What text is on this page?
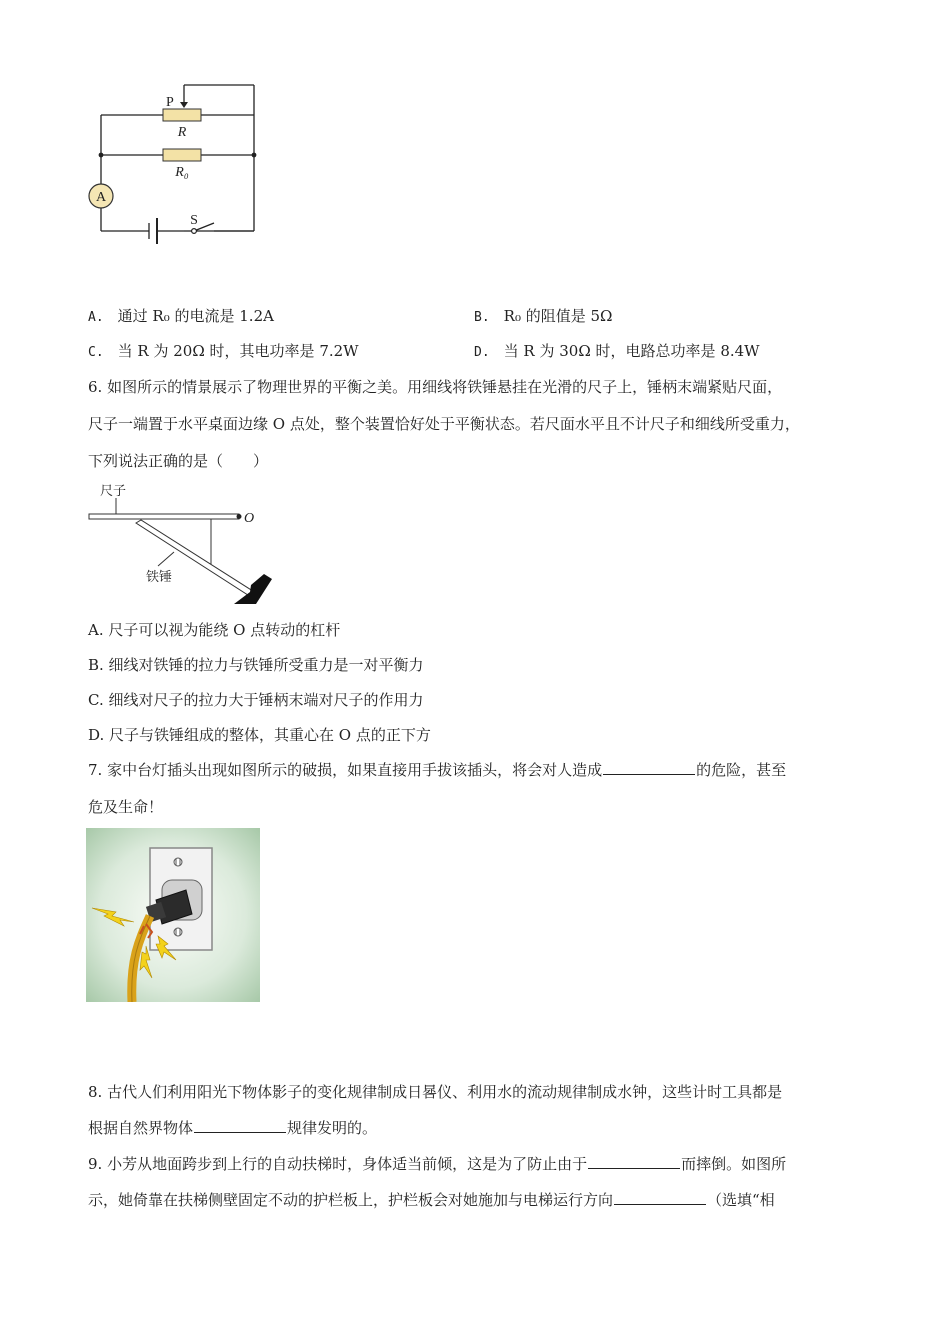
A
P
R
R₀
S
A. 通过 R₀ 的电流是 1.2A	B. R₀ 的阻值是 5Ω
C. 当 R 为 20Ω 时，其电功率是 7.2W	D. 当 R 为 30Ω 时，电路总功率是 8.4W
6. 如图所示的情景展示了物理世界的平衡之美。用细线将铁锤悬挂在光滑的尺子上，锤柄末端紧贴尺面，
尺子一端置于水平桌面边缘 O 点处，整个装置恰好处于平衡状态。若尺面水平且不计尺子和细线所受重力，
下列说法正确的是（　　）
尺子
铁锤
O
A. 尺子可以视为能绕 O 点转动的杠杆
B. 细线对铁锤的拉力与铁锤所受重力是一对平衡力
C. 细线对尺子的拉力大于锤柄末端对尺子的作用力
D. 尺子与铁锤组成的整体，其重心在 O 点的正下方
7. 家中台灯插头出现如图所示的破损，如果直接用手拔该插头，将会对人造成	的危险，甚至
危及生命！
8. 古代人们利用阳光下物体影子的变化规律制成日晷仪、利用水的流动规律制成水钟，这些计时工具都是
根据自然界物体	规律发明的。
9. 小芳从地面跨步到上行的自动扶梯时，身体适当前倾，这是为了防止由于	而摔倒。如图所
示，她倚靠在扶梯侧壁固定不动的护栏板上，护栏板会对她施加与电梯运行方向	（选填“相
